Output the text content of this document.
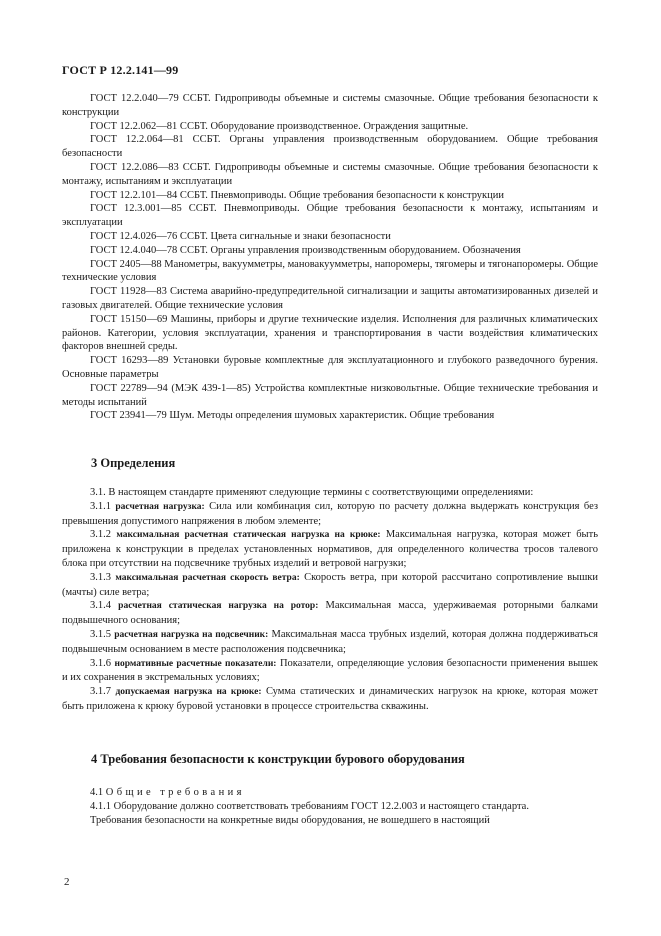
ГОСТ Р 12.2.141—99

ГОСТ 12.2.040—79 ССБТ. Гидроприводы объемные и системы смазочные. Общие требования безопасности к конструкции

ГОСТ 12.2.062—81 ССБТ. Оборудование производственное. Ограждения защитные.

ГОСТ 12.2.064—81 ССБТ. Органы управления производственным оборудованием. Общие требования безопасности

ГОСТ 12.2.086—83 ССБТ. Гидроприводы объемные и системы смазочные. Общие требования безопасности к монтажу, испытаниям и эксплуатации

ГОСТ 12.2.101—84 ССБТ. Пневмоприводы. Общие требования безопасности к конструкции

ГОСТ 12.3.001—85 ССБТ. Пневмоприводы. Общие требования безопасности к монтажу, испытаниям и эксплуатации

ГОСТ 12.4.026—76 ССБТ. Цвета сигнальные и знаки безопасности

ГОСТ 12.4.040—78 ССБТ. Органы управления производственным оборудованием. Обозначения

ГОСТ 2405—88 Манометры, вакуумметры, мановакуумметры, напоромеры, тягомеры и тягонапоромеры. Общие технические условия

ГОСТ 11928—83 Система аварийно-предупредительной сигнализации и защиты автоматизированных дизелей и газовых двигателей. Общие технические условия

ГОСТ 15150—69 Машины, приборы и другие технические изделия. Исполнения для различных климатических районов. Категории, условия эксплуатации, хранения и транспортирования в части воздействия климатических факторов внешней среды.

ГОСТ 16293—89 Установки буровые комплектные для эксплуатационного и глубокого разведочного бурения. Основные параметры

ГОСТ 22789—94 (МЭК 439-1—85) Устройства комплектные низковольтные. Общие технические требования и методы испытаний

ГОСТ 23941—79 Шум. Методы определения шумовых характеристик. Общие требования

3 Определения

3.1. В настоящем стандарте применяют следующие термины с соответствующими определениями:

3.1.1 расчетная нагрузка: Сила или комбинация сил, которую по расчету должна выдержать конструкция без превышения допустимого напряжения в любом элементе;

3.1.2 максимальная расчетная статическая нагрузка на крюке: Максимальная нагрузка, которая может быть приложена к конструкции в пределах установленных нормативов, для определенного количества тросов талевого блока при отсутствии на подсвечнике трубных изделий и ветровой нагрузки;

3.1.3 максимальная расчетная скорость ветра: Скорость ветра, при которой рассчитано сопротивление вышки (мачты) силе ветра;

3.1.4 расчетная статическая нагрузка на ротор: Максимальная масса, удерживаемая роторными балками подвышечного основания;

3.1.5 расчетная нагрузка на подсвечник: Максимальная масса трубных изделий, которая должна поддерживаться подвышечным основанием в месте расположения подсвечника;

3.1.6 нормативные расчетные показатели: Показатели, определяющие условия безопасности применения вышек и их сохранения в экстремальных условиях;

3.1.7 допускаемая нагрузка на крюке: Сумма статических и динамических нагрузок на крюке, которая может быть приложена к крюку буровой установки в процессе строительства скважины.

4 Требования безопасности к конструкции бурового оборудования

4.1 Общие требования

4.1.1 Оборудование должно соответствовать требованиям ГОСТ 12.2.003 и настоящего стандарта.

Требования безопасности на конкретные виды оборудования, не вошедшего в настоящий

2
